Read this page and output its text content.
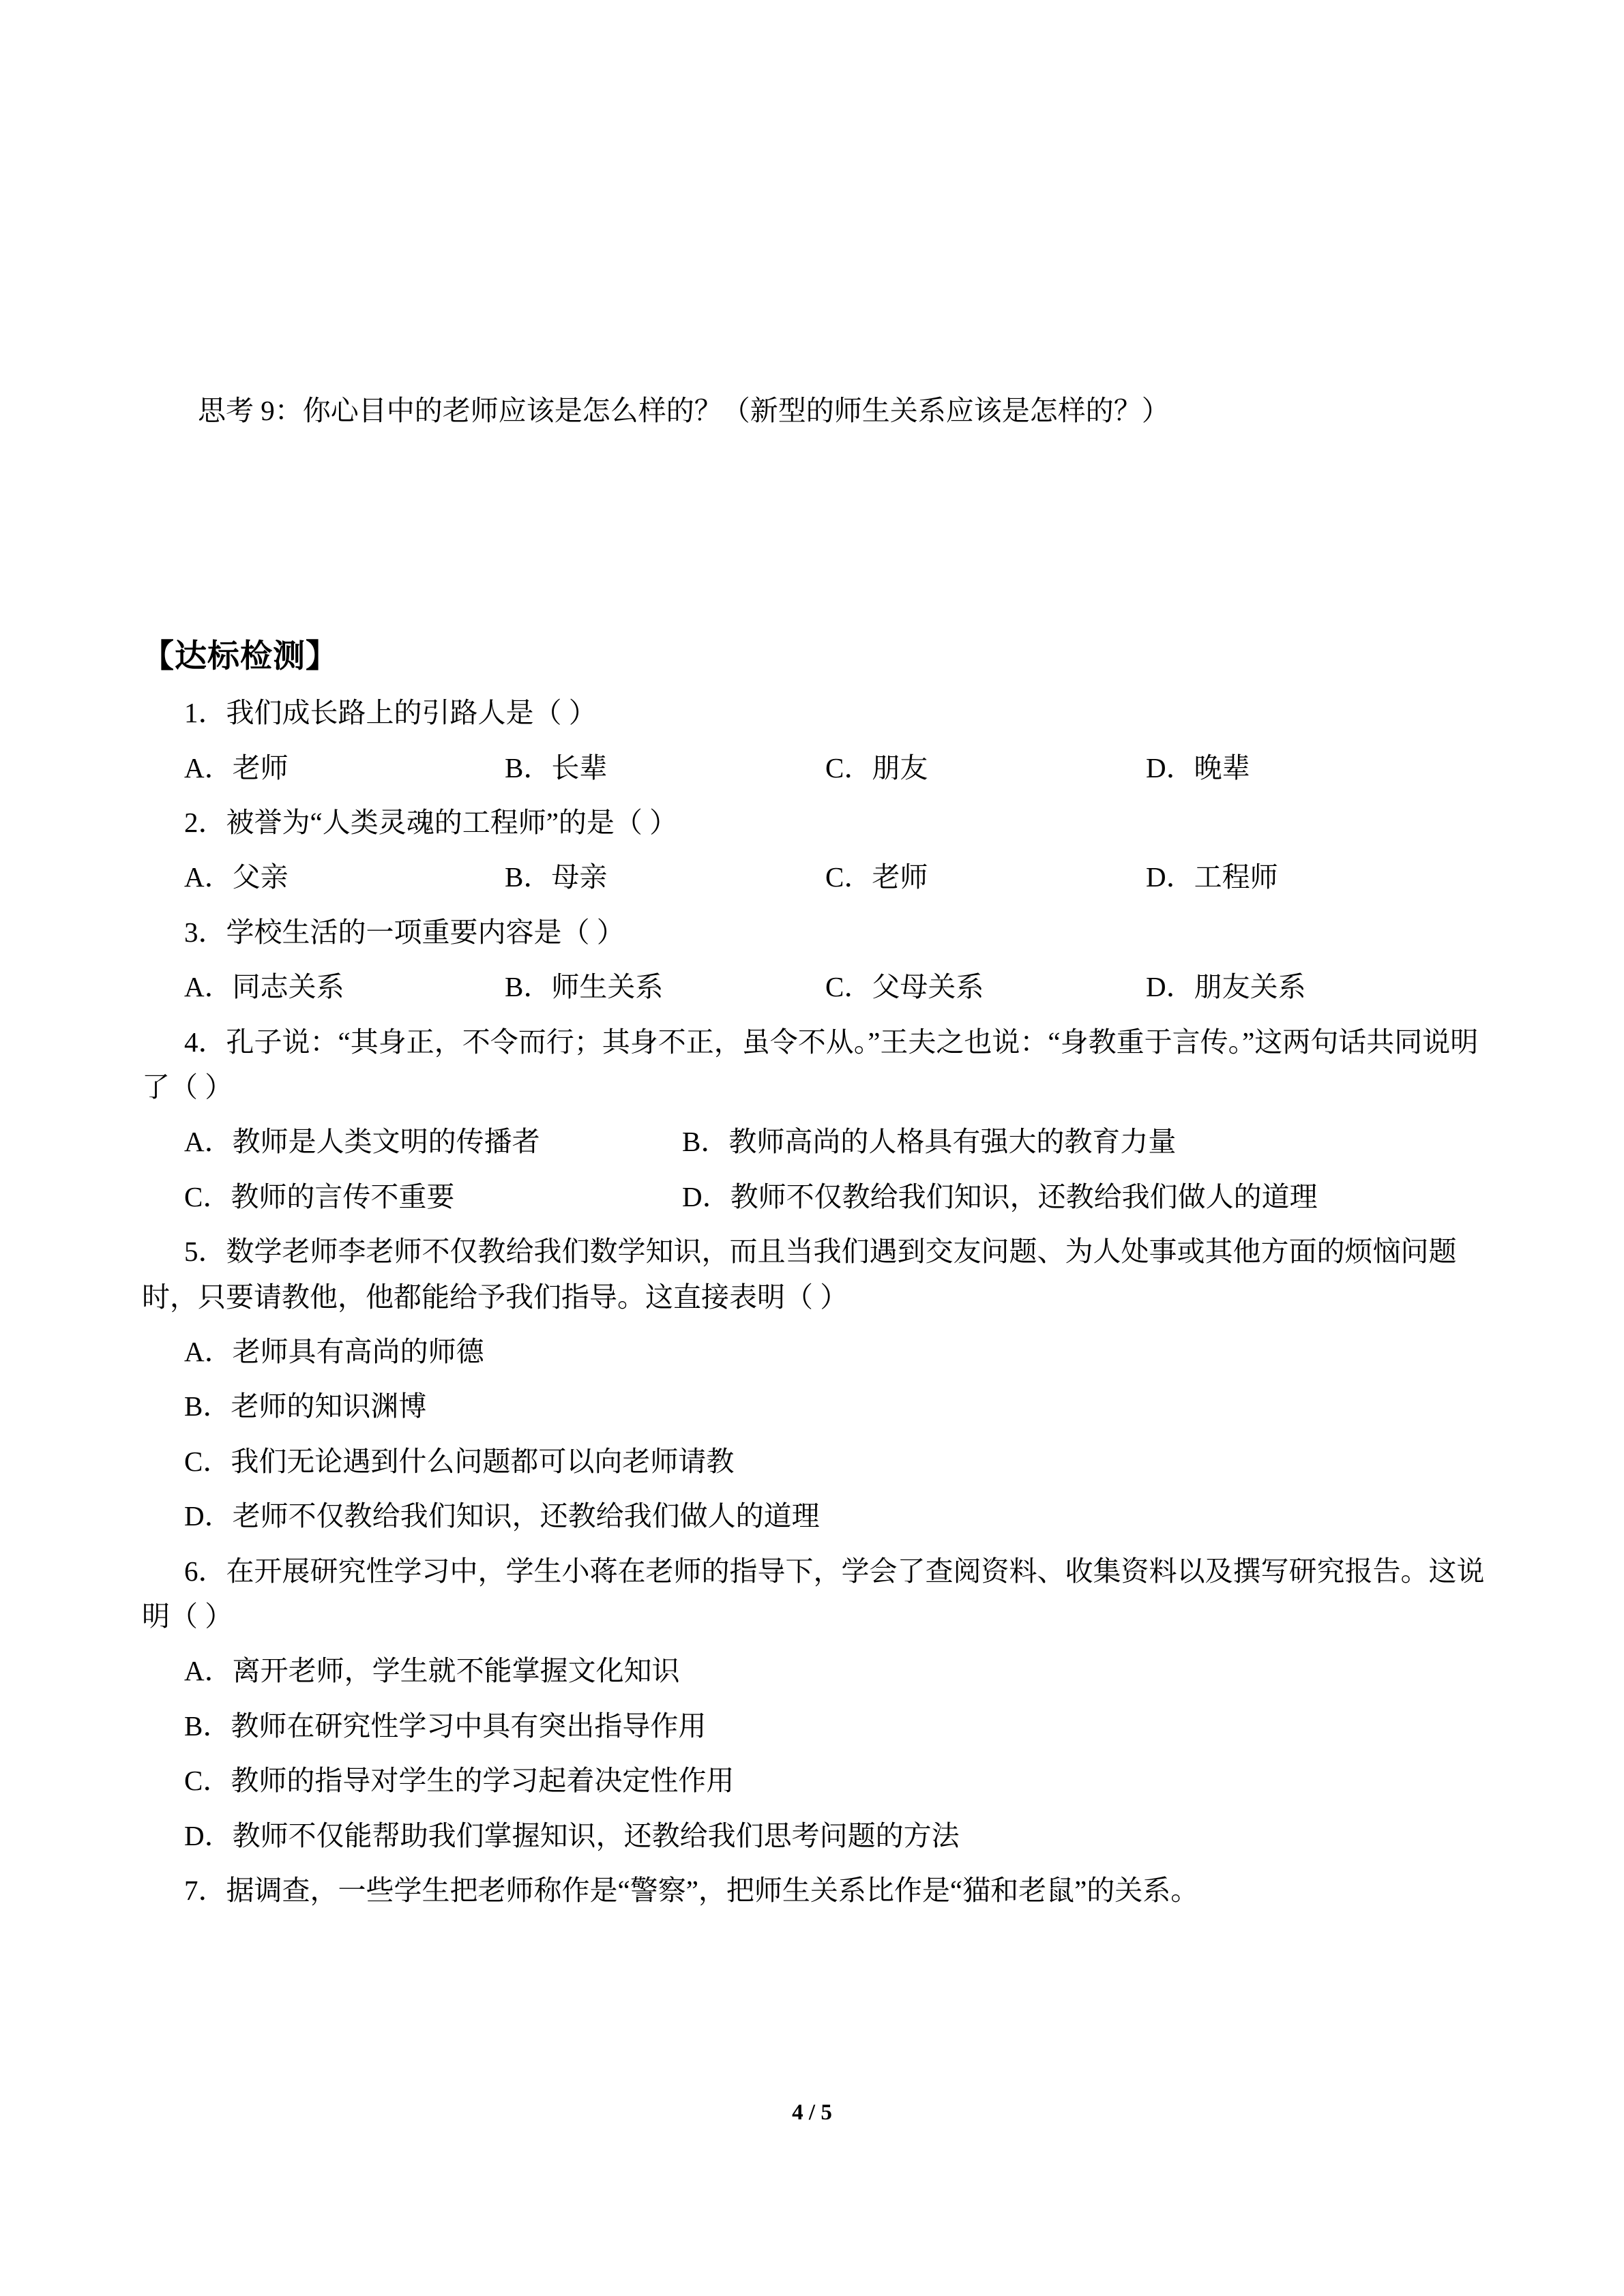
思考 9：你心目中的老师应该是怎么样的？（新型的师生关系应该是怎样的？）
【达标检测】
1．我们成长路上的引路人是（ ）
A．老师	B．长辈	C．朋友	D．晚辈
2．被誉为“人类灵魂的工程师”的是（ ）
A．父亲	B．母亲	C．老师	D．工程师
3．学校生活的一项重要内容是（ ）
A．同志关系	B．师生关系	C．父母关系	D．朋友关系
4．孔子说：“其身正，不令而行；其身不正，虽令不从。”王夫之也说：“身教重于言传。”这两句话共同说明了（ ）
A．教师是人类文明的传播者	B．教师高尚的人格具有强大的教育力量
C．教师的言传不重要	D．教师不仅教给我们知识，还教给我们做人的道理
5．数学老师李老师不仅教给我们数学知识，而且当我们遇到交友问题、为人处事或其他方面的烦恼问题时，只要请教他，他都能给予我们指导。这直接表明（ ）
A．老师具有高尚的师德
B．老师的知识渊博
C．我们无论遇到什么问题都可以向老师请教
D．老师不仅教给我们知识，还教给我们做人的道理
6．在开展研究性学习中，学生小蒋在老师的指导下，学会了查阅资料、收集资料以及撰写研究报告。这说明（ ）
A．离开老师，学生就不能掌握文化知识
B．教师在研究性学习中具有突出指导作用
C．教师的指导对学生的学习起着决定性作用
D．教师不仅能帮助我们掌握知识，还教给我们思考问题的方法
7．据调查，一些学生把老师称作是“警察”，把师生关系比作是“猫和老鼠”的关系。
4 / 5
